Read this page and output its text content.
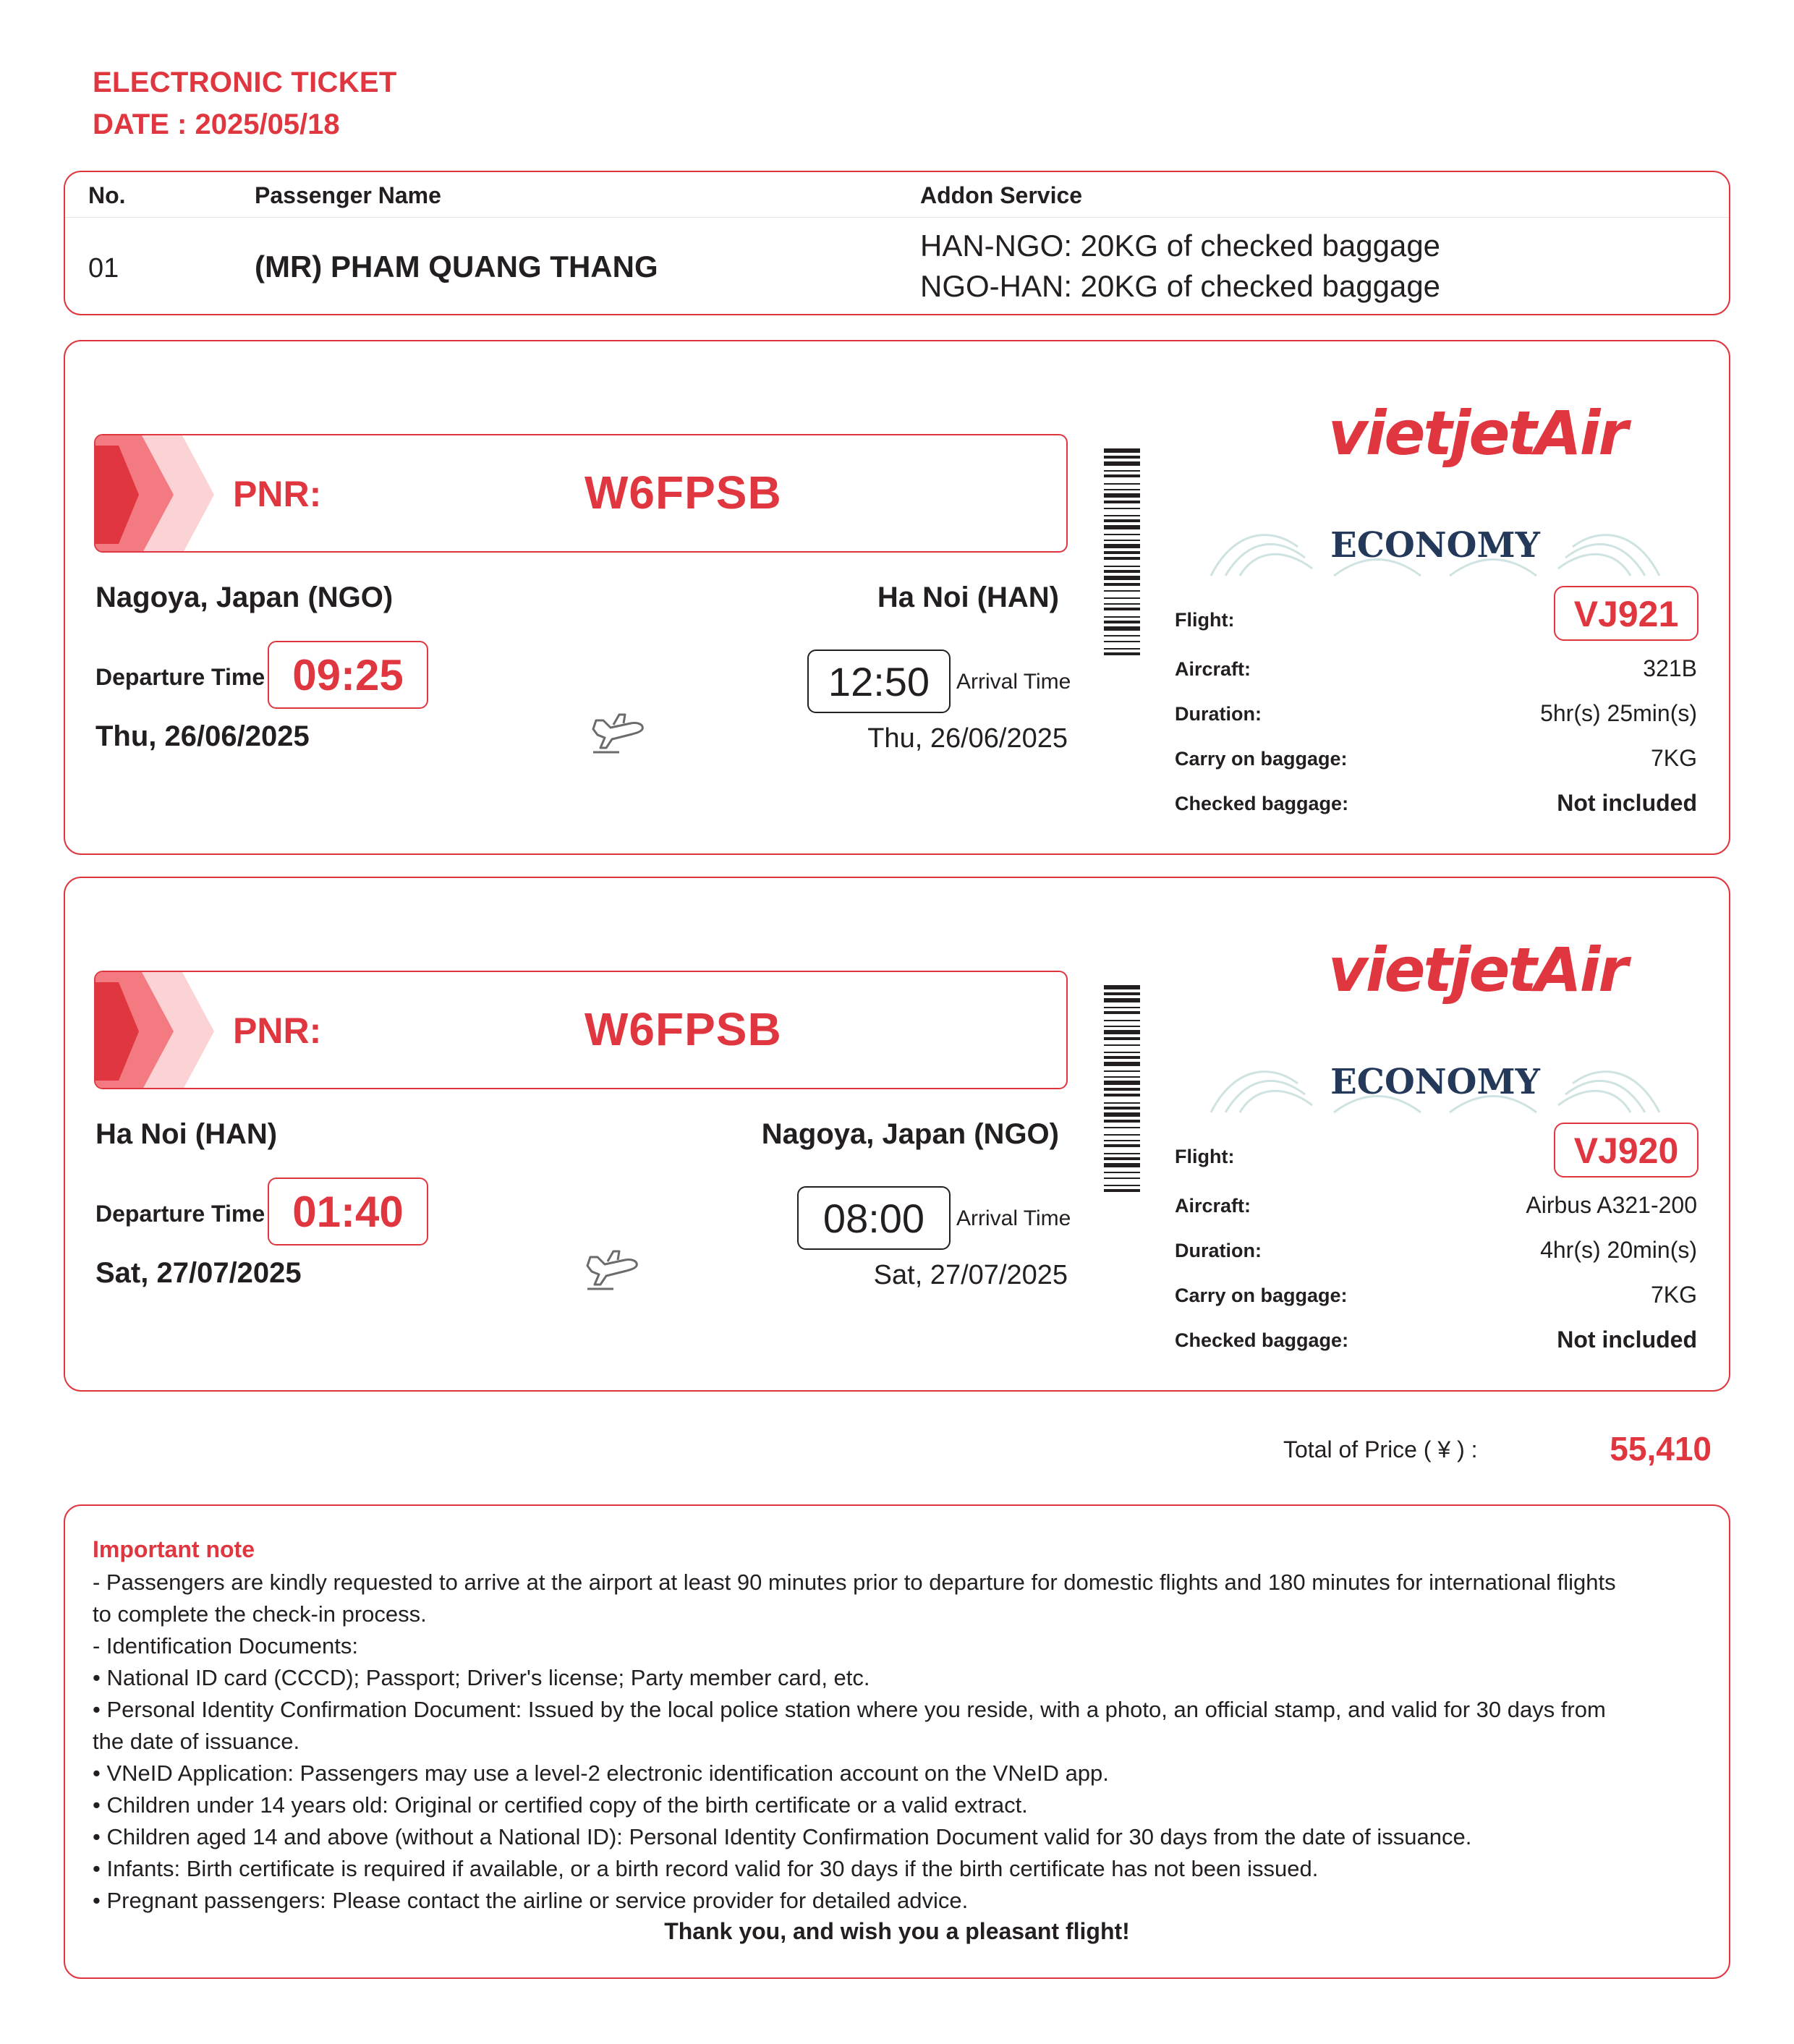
ELECTRONIC TICKET
DATE : 2025/05/18
No.	Passenger Name	Addon Service
01	(MR) PHAM QUANG THANG
HAN-NGO: 20KG of checked baggage
NGO-HAN: 20KG of checked baggage
PNR:	W6FPSB
Nagoya, Japan (NGO)	Ha Noi (HAN)
Departure Time 09:25
Thu, 26/06/2025
12:50	Arrival Time
Thu, 26/06/2025
vietjetAir
ECONOMY
Flight:	VJ921
Aircraft:	321B
Duration:	5hr(s) 25min(s)
Carry on baggage:	7KG
Checked baggage:	Not included
PNR:	W6FPSB
Ha Noi (HAN)	Nagoya, Japan (NGO)
Departure Time 01:40
Sat, 27/07/2025
08:00	Arrival Time
Sat, 27/07/2025
vietjetAir
ECONOMY
Flight:	VJ920
Aircraft:	Airbus A321-200
Duration:	4hr(s) 20min(s)
Carry on baggage:	7KG
Checked baggage:	Not included
Total of Price ( ¥ ) :	55,410
Important note
- Passengers are kindly requested to arrive at the airport at least 90 minutes prior to departure for domestic flights and 180 minutes for international flights
to complete the check-in process.
- Identification Documents:
• National ID card (CCCD); Passport; Driver's license; Party member card, etc.
• Personal Identity Confirmation Document: Issued by the local police station where you reside, with a photo, an official stamp, and valid for 30 days from
the date of issuance.
• VNeID Application: Passengers may use a level-2 electronic identification account on the VNeID app.
• Children under 14 years old: Original or certified copy of the birth certificate or a valid extract.
• Children aged 14 and above (without a National ID): Personal Identity Confirmation Document valid for 30 days from the date of issuance.
• Infants: Birth certificate is required if available, or a birth record valid for 30 days if the birth certificate has not been issued.
• Pregnant passengers: Please contact the airline or service provider for detailed advice.
Thank you, and wish you a pleasant flight!
